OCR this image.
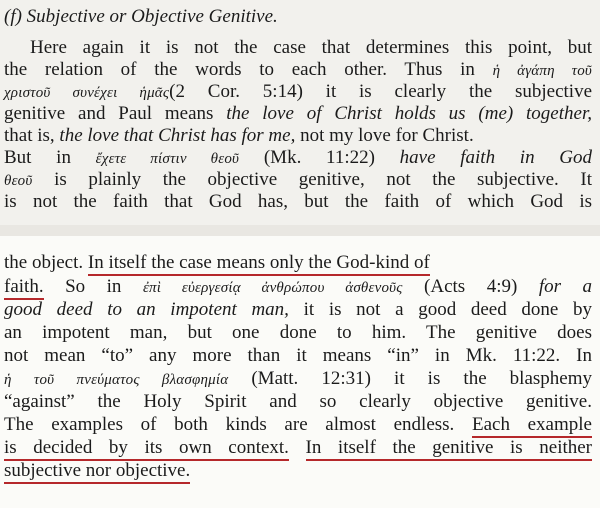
(f) Subjective or Objective Genitive.
Here again it is not the case that determines this point, but
the relation of the words to each other. Thus in ἡ ἀγάπη τοῦ
χριστοῦ συνέχει ἡμᾶς(2 Cor. 5:14) it is clearly the subjective
genitive and Paul means the love of Christ holds us (me) together,
that is, the love that Christ has for me, not my love for Christ.
But in ἔχετε πίστιν θεοῦ (Mk. 11:22) have faith in God
θεοῦ is plainly the objective genitive, not the subjective. It
is not the faith that God has, but the faith of which God is
the object. In itself the case means only the God-kind of
faith. So in ἐπὶ εὐεργεσίᾳ ἀνθρώπου ἀσθενοῦς (Acts 4:9) for a
good deed to an impotent man, it is not a good deed done by
an impotent man, but one done to him. The genitive does
not mean “to” any more than it means “in” in Mk. 11:22. In
ἡ τοῦ πνεύματος βλασφημία (Matt. 12:31) it is the blasphemy
“against” the Holy Spirit and so clearly objective genitive.
The examples of both kinds are almost endless. Each example
is decided by its own context. In itself the genitive is neither
subjective nor objective.
